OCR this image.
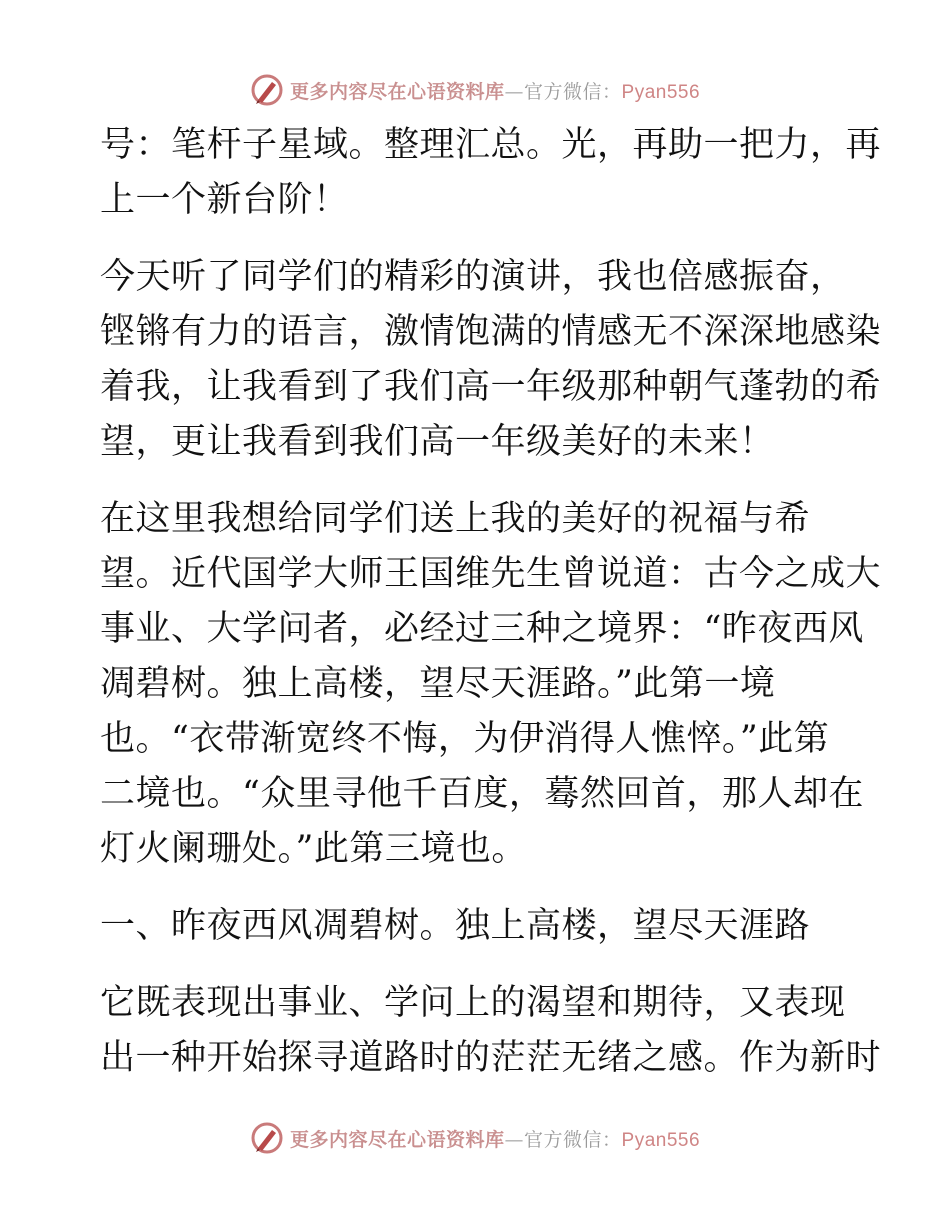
更多内容尽在心语资料库—官方微信：Pyan556

号：笔杆子星域。整理汇总。光，再助一把力，再
上一个新台阶！

今天听了同学们的精彩的演讲，我也倍感振奋，
铿锵有力的语言，激情饱满的情感无不深深地感染
着我，让我看到了我们高一年级那种朝气蓬勃的希
望，更让我看到我们高一年级美好的未来！

在这里我想给同学们送上我的美好的祝福与希
望。近代国学大师王国维先生曾说道：古今之成大
事业、大学问者，必经过三种之境界：“昨夜西风
凋碧树。独上高楼，望尽天涯路。”此第一境
也。“衣带渐宽终不悔，为伊消得人憔悴。”此第
二境也。“众里寻他千百度，蓦然回首，那人却在
灯火阑珊处。”此第三境也。

一、昨夜西风凋碧树。独上高楼，望尽天涯路

它既表现出事业、学问上的渴望和期待，又表现
出一种开始探寻道路时的茫茫无绪之感。作为新时

更多内容尽在心语资料库—官方微信：Pyan556
